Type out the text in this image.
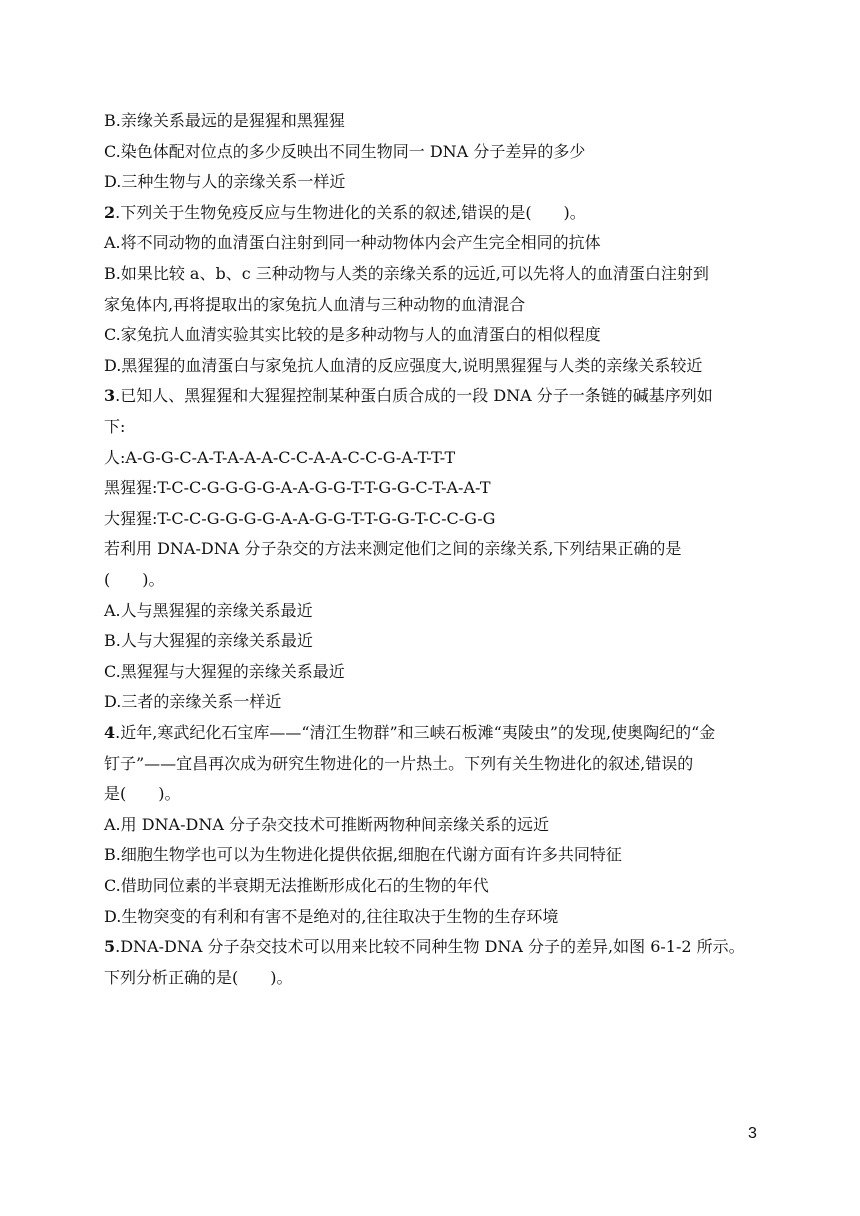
B.亲缘关系最远的是猩猩和黑猩猩
C.染色体配对位点的多少反映出不同生物同一 DNA 分子差异的多少
D.三种生物与人的亲缘关系一样近
2.下列关于生物免疫反应与生物进化的关系的叙述,错误的是(　　)。
A.将不同动物的血清蛋白注射到同一种动物体内会产生完全相同的抗体
B.如果比较 a、b、c 三种动物与人类的亲缘关系的远近,可以先将人的血清蛋白注射到
家兔体内,再将提取出的家兔抗人血清与三种动物的血清混合
C.家兔抗人血清实验其实比较的是多种动物与人的血清蛋白的相似程度
D.黑猩猩的血清蛋白与家兔抗人血清的反应强度大,说明黑猩猩与人类的亲缘关系较近
3.已知人、黑猩猩和大猩猩控制某种蛋白质合成的一段 DNA 分子一条链的碱基序列如
下:
人:A-G-G-C-A-T-A-A-A-C-C-A-A-C-C-G-A-T-T-T
黑猩猩:T-C-C-G-G-G-G-A-A-G-G-T-T-G-G-C-T-A-A-T
大猩猩:T-C-C-G-G-G-G-A-A-G-G-T-T-G-G-T-C-C-G-G
若利用 DNA-DNA 分子杂交的方法来测定他们之间的亲缘关系,下列结果正确的是
(　　)。
A.人与黑猩猩的亲缘关系最近
B.人与大猩猩的亲缘关系最近
C.黑猩猩与大猩猩的亲缘关系最近
D.三者的亲缘关系一样近
4.近年,寒武纪化石宝库——“清江生物群”和三峡石板滩“夷陵虫”的发现,使奥陶纪的“金
钉子”——宜昌再次成为研究生物进化的一片热土。下列有关生物进化的叙述,错误的
是(　　)。
A.用 DNA-DNA 分子杂交技术可推断两物种间亲缘关系的远近
B.细胞生物学也可以为生物进化提供依据,细胞在代谢方面有许多共同特征
C.借助同位素的半衰期无法推断形成化石的生物的年代
D.生物突变的有利和有害不是绝对的,往往取决于生物的生存环境
5.DNA-DNA 分子杂交技术可以用来比较不同种生物 DNA 分子的差异,如图 6-1-2 所示。
下列分析正确的是(　　)。
3
